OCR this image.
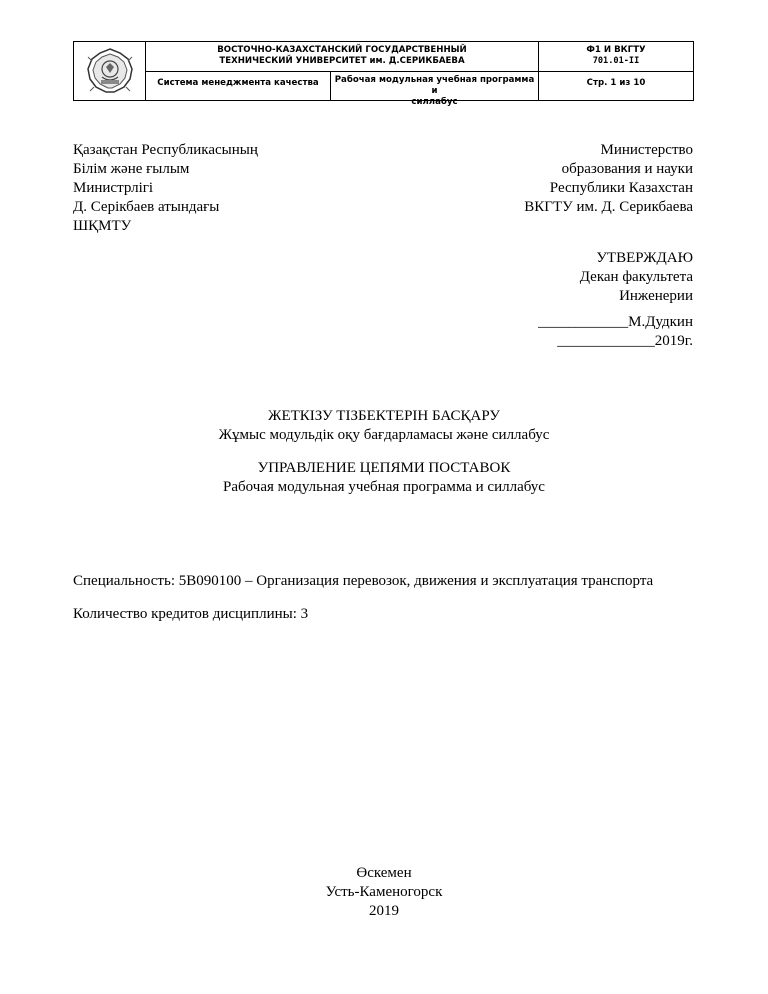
ВОСТОЧНО-КАЗАХСТАНСКИЙ ГОСУДАРСТВЕННЫЙ
ТЕХНИЧЕСКИЙ УНИВЕРСИТЕТ им. Д.СЕРИКБАЕВА
Ф1 И ВКГТУ
701.01-II
Система менеджмента качества	Рабочая модульная учебная программа и
силлабус
Стр. 1 из 10
Қазақстан Республикасының
Білім және ғылым
Министрлігі
Д. Серікбаев атындағы
ШҚМТУ
Министерство
образования и науки
Республики Казахстан
ВКГТУ им. Д. Серикбаева
УТВЕРЖДАЮ
Декан факультета
Инженерии
____________М.Дудкин
_____________2019г.
ЖЕТКІЗУ ТІЗБЕКТЕРІН БАСҚАРУ
Жұмыс модульдік оқу бағдарламасы және силлабус
УПРАВЛЕНИЕ ЦЕПЯМИ ПОСТАВОК
Рабочая модульная учебная программа и силлабус
Специальность: 5В090100 – Организация перевозок, движения и эксплуатация транспорта
Количество кредитов дисциплины: 3
Өскемен
Усть-Каменогорск
2019
